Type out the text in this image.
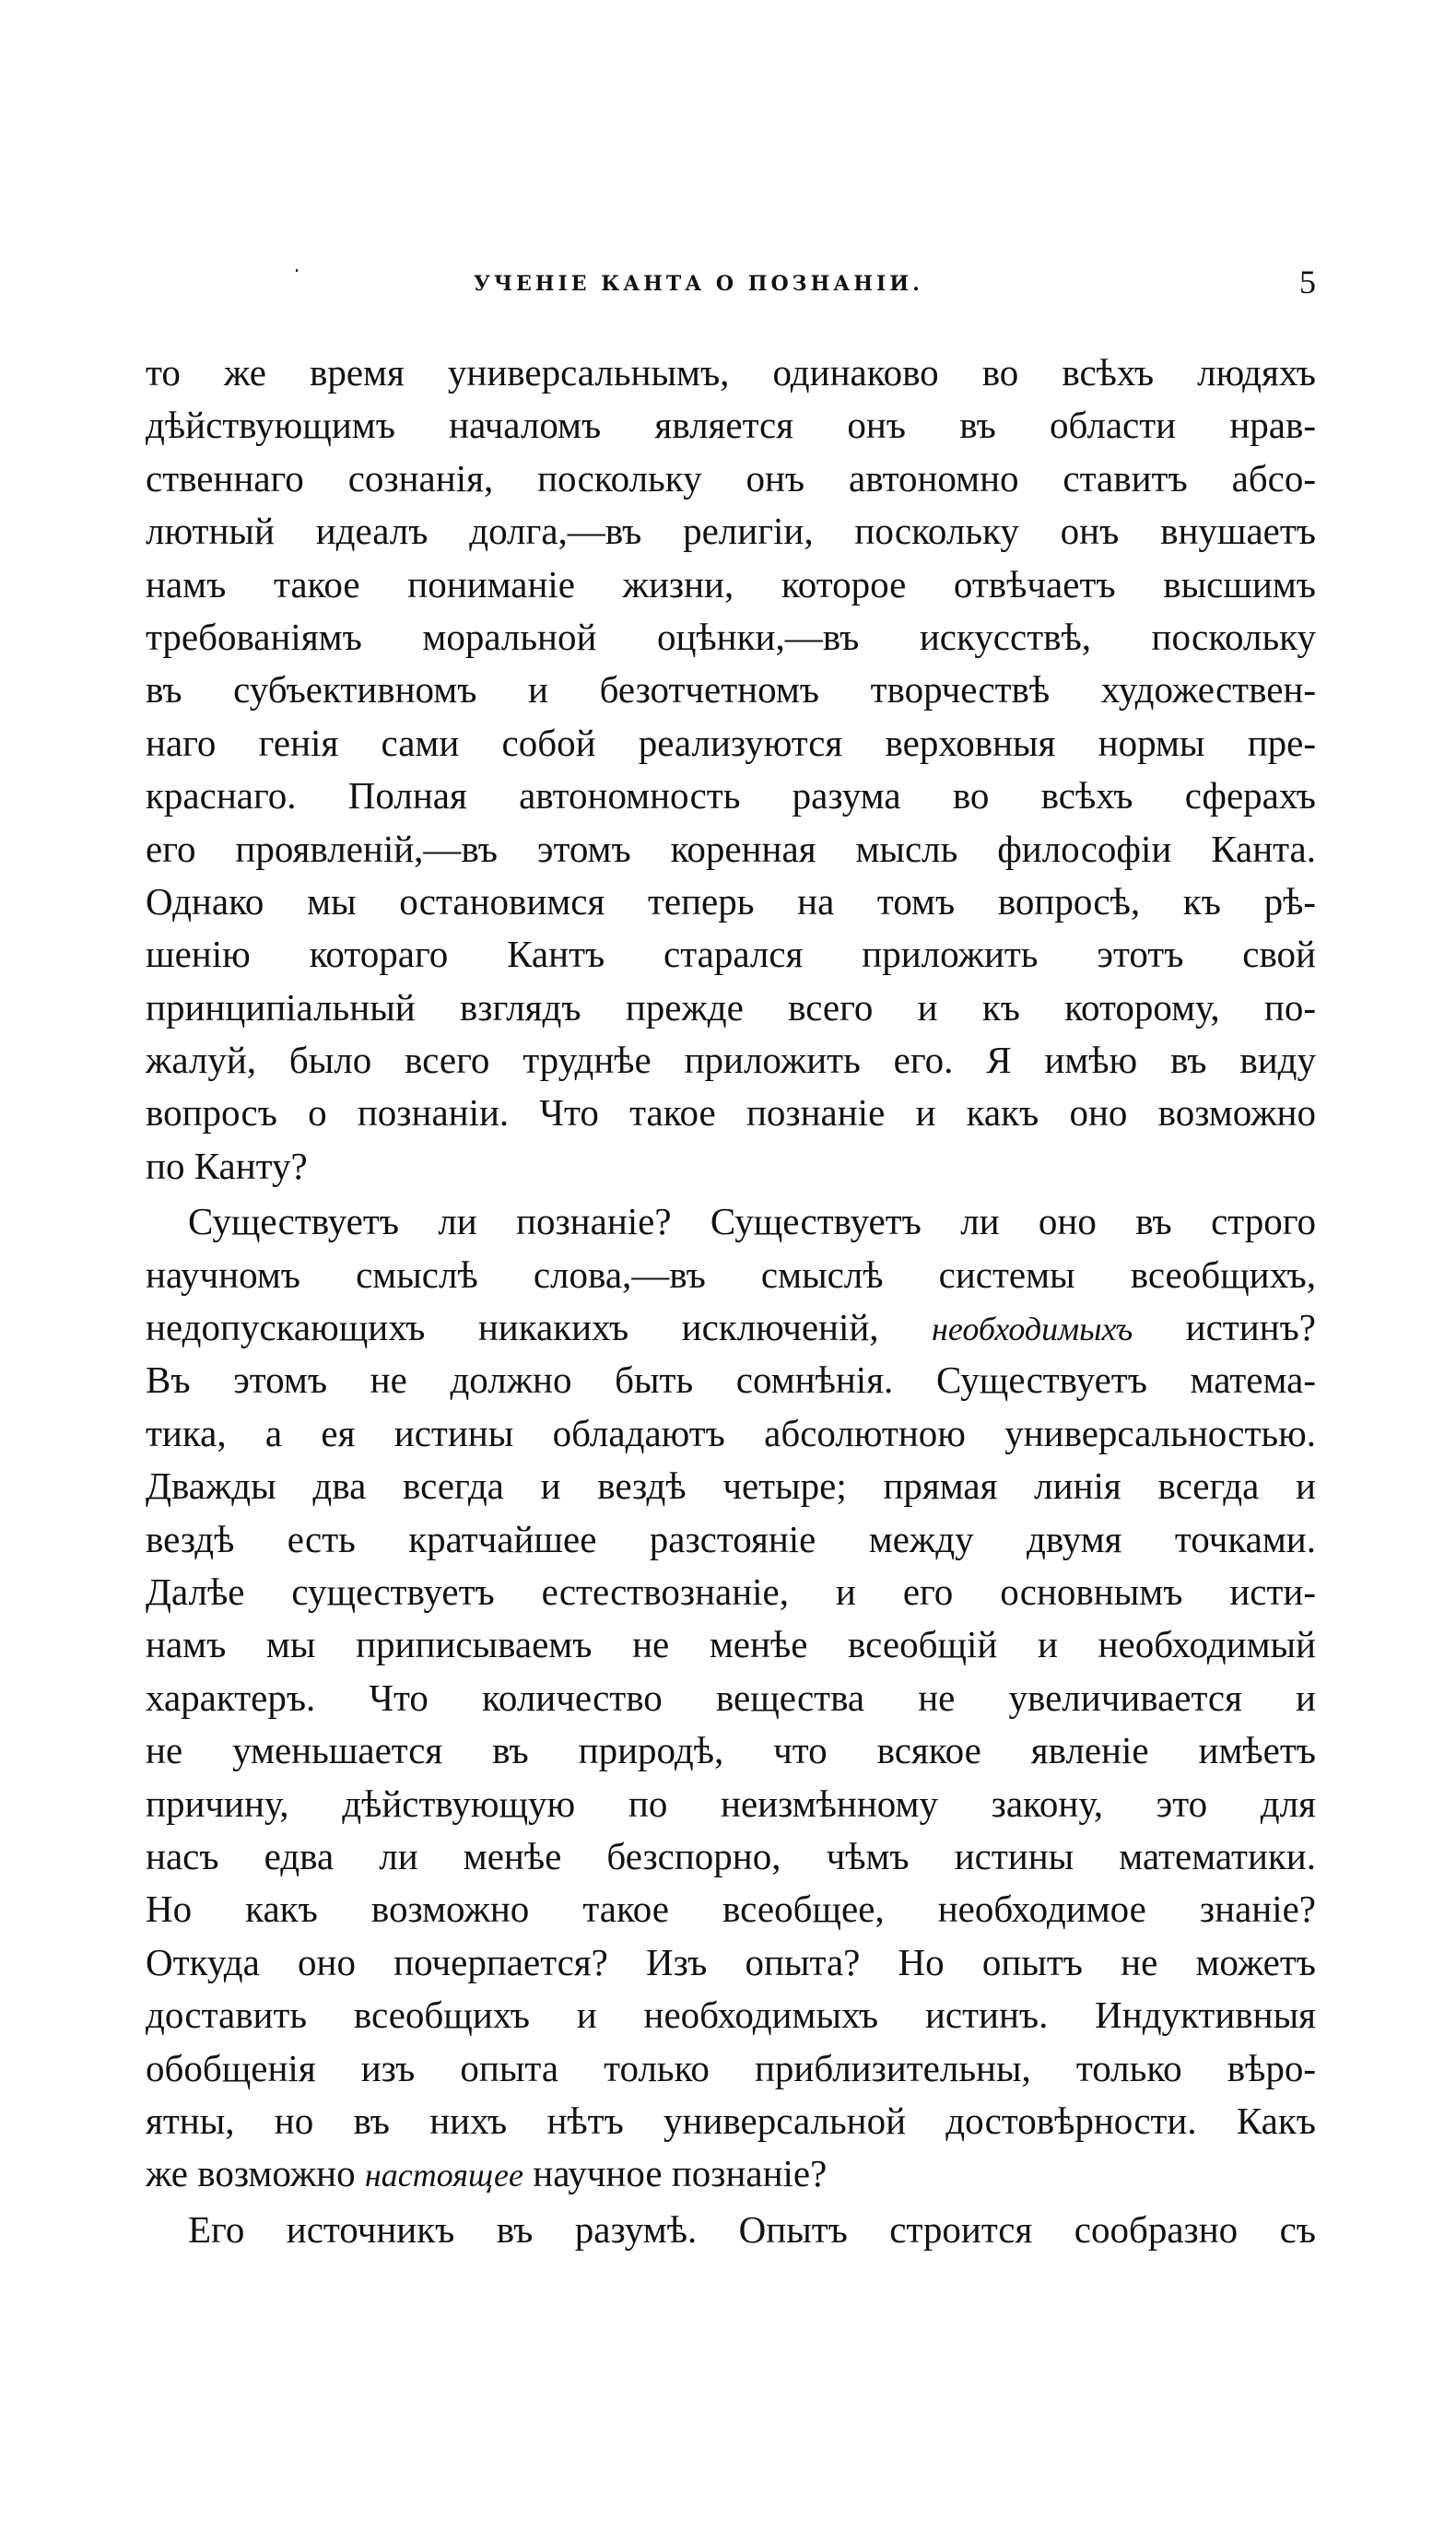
УЧЕНІЕ КАНТА О ПОЗНАНІИ.	5
то же время универсальнымъ, одинаково во всѣхъ людяхъ
дѣйствующимъ началомъ является онъ въ области нрав-
ственнаго сознанія, поскольку онъ автономно ставитъ абсо-
лютный идеалъ долга,—въ религіи, поскольку онъ внушаетъ
намъ такое пониманіе жизни, которое отвѣчаетъ высшимъ
требованіямъ моральной оцѣнки,—въ искусствѣ, поскольку
въ субъективномъ и безотчетномъ творчествѣ художествен-
наго генія сами собой реализуются верховныя нормы пре-
краснаго. Полная автономность разума во всѣхъ сферахъ
его проявленій,—въ этомъ коренная мысль философіи Канта.
Однако мы остановимся теперь на томъ вопросѣ, къ рѣ-
шенію котораго Кантъ старался приложить этотъ свой
принципіальный взглядъ прежде всего и къ которому, по-
жалуй, было всего труднѣе приложить его. Я имѣю въ виду
вопросъ о познаніи. Что такое познаніе и какъ оно возможно
по Канту?
Существуетъ ли познаніе? Существуетъ ли оно въ строго
научномъ смыслѣ слова,—въ смыслѣ системы всеобщихъ,
недопускающихъ никакихъ исключеній, необходимыхъ истинъ?
Въ этомъ не должно быть сомнѣнія. Существуетъ матема-
тика, а ея истины обладаютъ абсолютною универсальностью.
Дважды два всегда и вездѣ четыре; прямая линія всегда и
вездѣ есть кратчайшее разстояніе между двумя точками.
Далѣе существуетъ естествознаніе, и его основнымъ исти-
намъ мы приписываемъ не менѣе всеобщій и необходимый
характеръ. Что количество вещества не увеличивается и
не уменьшается въ природѣ, что всякое явленіе имѣетъ
причину, дѣйствующую по неизмѣнному закону, это для
насъ едва ли менѣе безспорно, чѣмъ истины математики.
Но какъ возможно такое всеобщее, необходимое знаніе?
Откуда оно почерпается? Изъ опыта? Но опытъ не можетъ
доставить всеобщихъ и необходимыхъ истинъ. Индуктивныя
обобщенія изъ опыта только приблизительны, только вѣро-
ятны, но въ нихъ нѣтъ универсальной достовѣрности. Какъ
же возможно настоящее научное познаніе?
Его источникъ въ разумѣ. Опытъ строится сообразно съ
